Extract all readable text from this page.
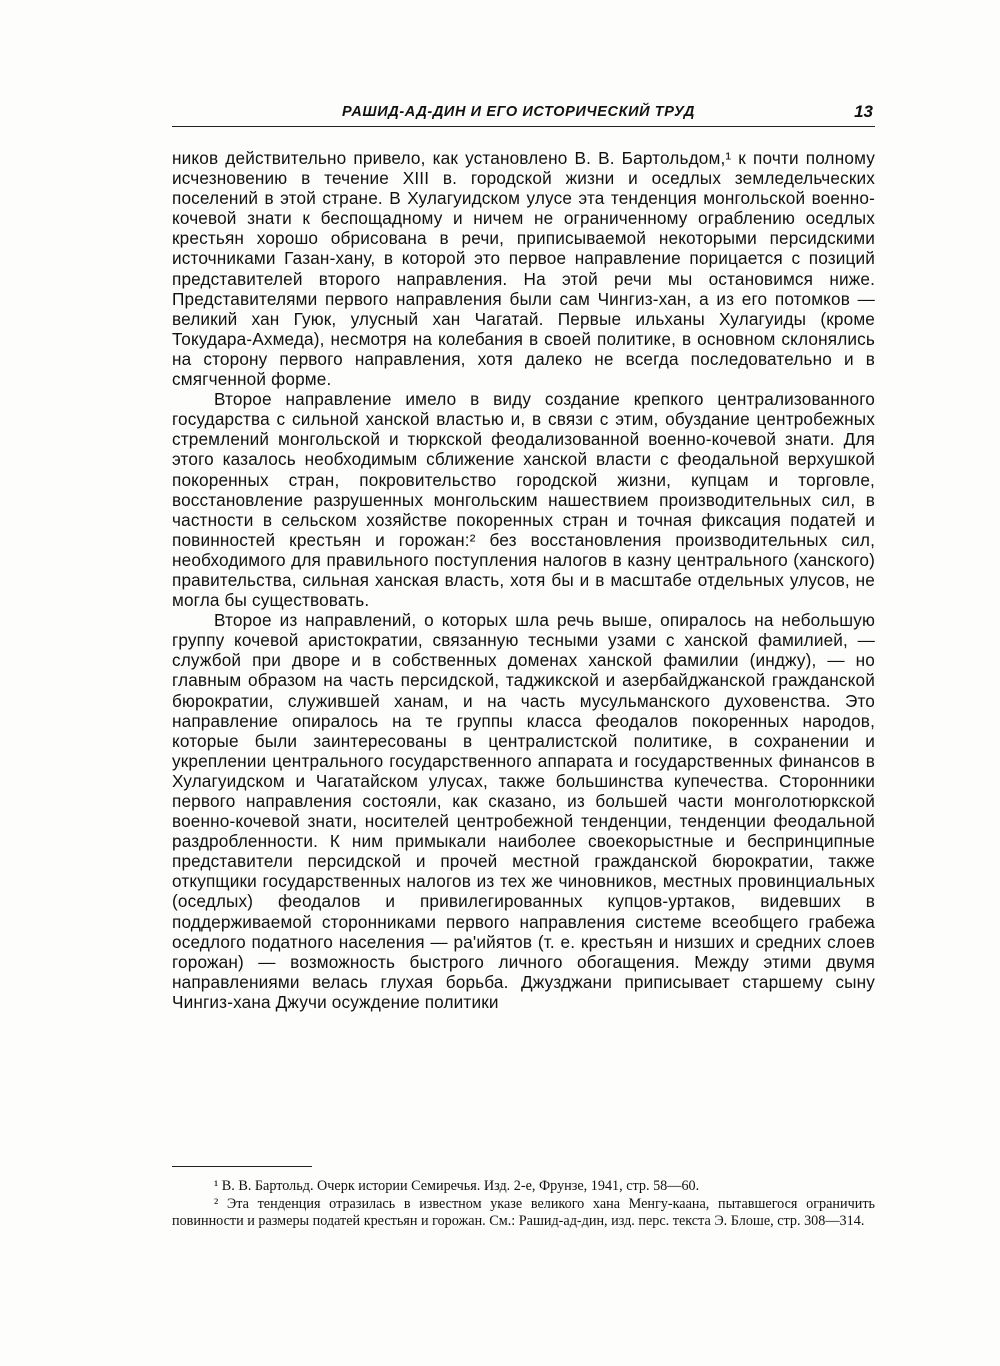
РАШИД-АД-ДИН И ЕГО ИСТОРИЧЕСКИЙ ТРУД	13

ников действительно привело, как установлено В. В. Бартольдом,¹ к почти полному исчезновению в течение XIII в. городской жизни и оседлых земледельческих поселений в этой стране. В Хулагуидском улусе эта тенденция монгольской военно-кочевой знати к беспощадному и ничем не ограниченному ограблению оседлых крестьян хорошо обрисована в речи, приписываемой некоторыми персидскими источниками Газан-хану, в которой это первое направление порицается с позиций представителей второго направления. На этой речи мы остановимся ниже. Представителями первого направления были сам Чингиз-хан, а из его потомков — великий хан Гуюк, улусный хан Чагатай. Первые ильханы Хулагуиды (кроме Токудара-Ахмеда), несмотря на колебания в своей политике, в основном склонялись на сторону первого направления, хотя далеко не всегда последовательно и в смягченной форме.

Второе направление имело в виду создание крепкого централизованного государства с сильной ханской властью и, в связи с этим, обуздание центробежных стремлений монгольской и тюркской феодализованной военно-кочевой знати. Для этого казалось необходимым сближение ханской власти с феодальной верхушкой покоренных стран, покровительство городской жизни, купцам и торговле, восстановление разрушенных монгольским нашествием производительных сил, в частности в сельском хозяйстве покоренных стран и точная фиксация податей и повинностей крестьян и горожан:² без восстановления производительных сил, необходимого для правильного поступления налогов в казну центрального (ханского) правительства, сильная ханская власть, хотя бы и в масштабе отдельных улусов, не могла бы существовать.

Второе из направлений, о которых шла речь выше, опиралось на небольшую группу кочевой аристократии, связанную тесными узами с ханской фамилией, — службой при дворе и в собственных доменах ханской фамилии (инджу), — но главным образом на часть персидской, таджикской и азербайджанской гражданской бюрократии, служившей ханам, и на часть мусульманского духовенства. Это направление опиралось на те группы класса феодалов покоренных народов, которые были заинтересованы в централистской политике, в сохранении и укреплении центрального государственного аппарата и государственных финансов в Хулагуидском и Чагатайском улусах, также большинства купечества. Сторонники первого направления состояли, как сказано, из большей части монголотюркской военно-кочевой знати, носителей центробежной тенденции, тенденции феодальной раздробленности. К ним примыкали наиболее своекорыстные и беспринципные представители персидской и прочей местной гражданской бюрократии, также откупщики государственных налогов из тех же чиновников, местных провинциальных (оседлых) феодалов и привилегированных купцов-уртаков, видевших в поддерживаемой сторонниками первого направления системе всеобщего грабежа оседлого податного населения — ра'ийятов (т. е. крестьян и низших и средних слоев горожан) — возможность быстрого личного обогащения. Между этими двумя направлениями велась глухая борьба. Джузджани приписывает старшему сыну Чингиз-хана Джучи осуждение политики

¹ В. В. Бартольд. Очерк истории Семиречья. Изд. 2-е, Фрунзе, 1941, стр. 58—60.

² Эта тенденция отразилась в известном указе великого хана Менгу-каана, пытавшегося ограничить повинности и размеры податей крестьян и горожан. См.: Рашид-ад-дин, изд. перс. текста Э. Блоше, стр. 308—314.
